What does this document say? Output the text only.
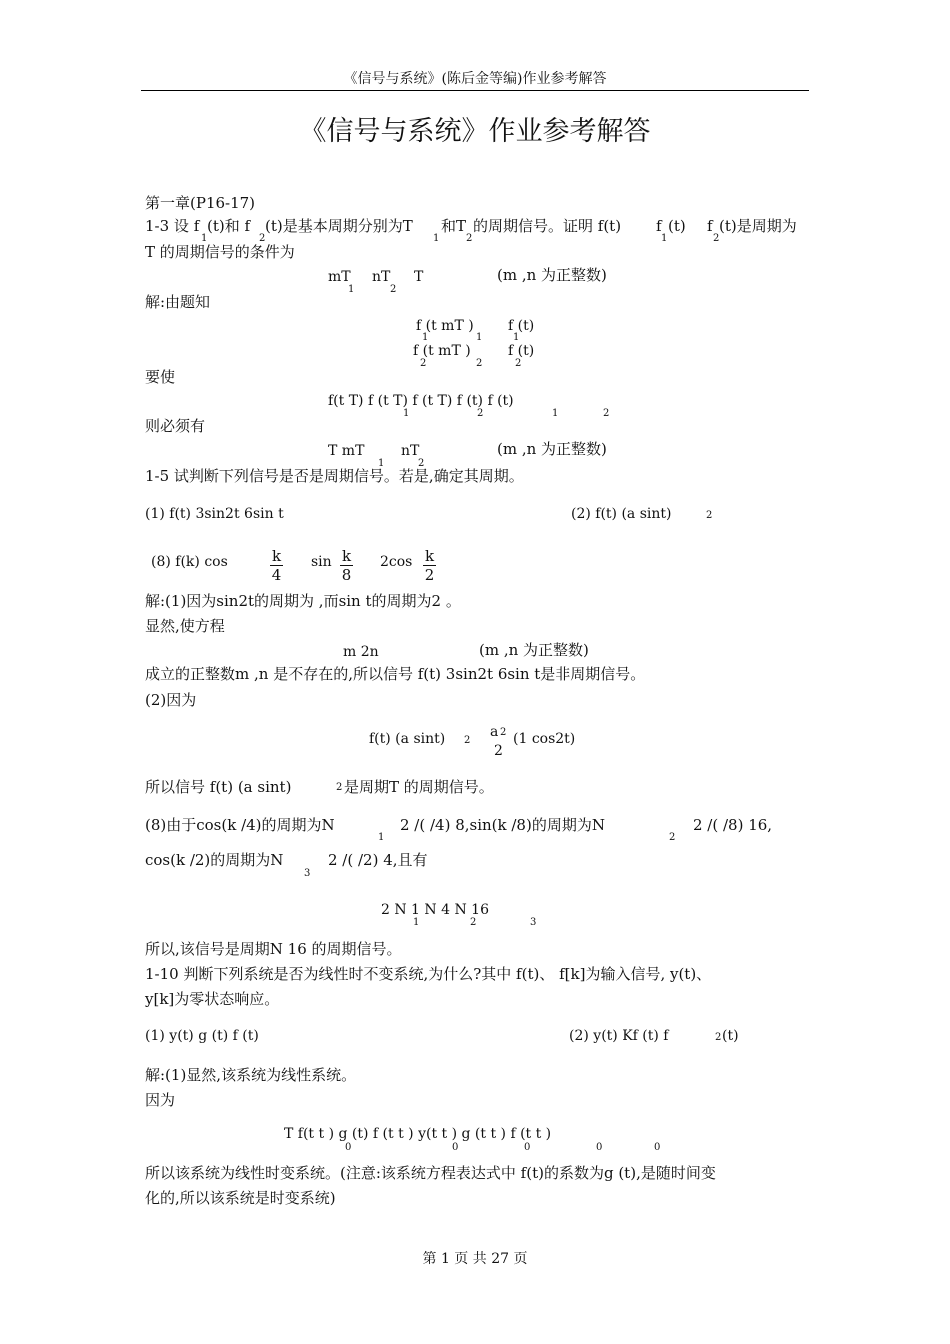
《信号与系统》(陈后金等编)作业参考解答
《信号与系统》作业参考解答
第一章(P16-17)
1-3 设 f
1
(t)和 f
2
(t)是基本周期分别为T
1
和T
2
的周期信号。证明 f(t) f
1
(t) f
2
(t)是周期为
T 的周期信号的条件为
mT
1
nT
2
T	(m ,n 为正整数)
解:由题知
f (t mT )
1	1
f (t)
1
f (t mT )
2	2
f (t)
2
要使
f(t T) f (t T) f (t T) f (t) f (t)
1	2	1	2
则必须有
T mT
1
nT
2
(m ,n 为正整数)
1-5 试判断下列信号是否是周期信号。若是,确定其周期。
(1) f(t) 3sin2t 6sin t	(2) f(t) (a sint)	2
(8) f(k) cos	$\frac{k}{4}$ $\sin \frac{k}{8} 2\cos \frac{k}{2}$
解:(1)因为sin2t的周期为 ,而sin t的周期为2 。
显然,使方程
m 2n	(m ,n 为正整数)
成立的正整数m ,n 是不存在的,所以信号 f(t) 3sin2t 6sin t是非周期信号。
(2)因为
f(t) (a sint) 2
a 2
2
(1 cos2t)
所以信号 f(t) (a sint)	2 是周期T 的周期信号。
(8)由于cos(k /4)的周期为N
1
2 /( /4) 8,sin(k /8)的周期为N
2
2 /( /8) 16,
cos(k /2)的周期为N
3
2 /( /2) 4,且有
2 N 1 N 4 N 16
1	2	3
所以,该信号是周期N 16 的周期信号。
1-10 判断下列系统是否为线性时不变系统,为什么?其中 f(t)、 f[k]为输入信号, y(t)、
y[k]为零状态响应。
(1) y(t) g (t) f (t)	(2) y(t) Kf (t) f	2 (t)
解:(1)显然,该系统为线性系统。
因为
T f(t t ) g (t) f (t t ) y(t t ) g (t t ) f (t t )
0	0	0	0	0
所以该系统为线性时变系统。(注意:该系统方程表达式中 f(t)的系数为g (t),是随时间变
化的,所以该系统是时变系统)
第 1 页 共 27 页
